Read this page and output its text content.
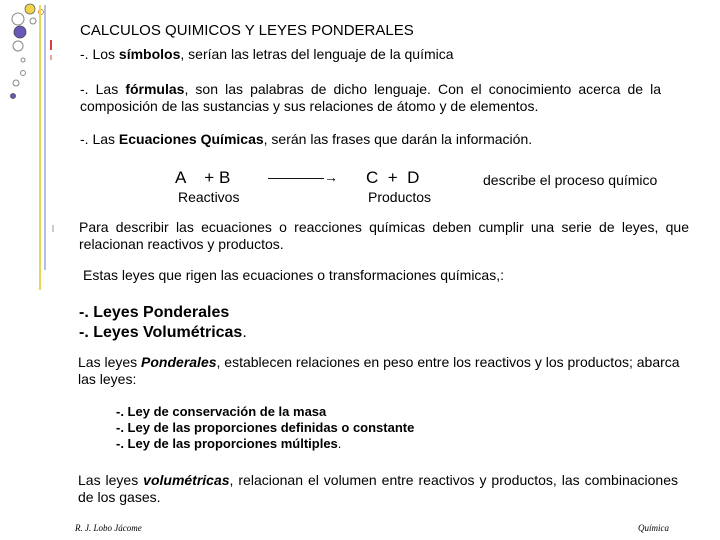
CALCULOS QUIMICOS Y LEYES PONDERALES
-. Los símbolos, serían las letras del lenguaje de la química
-. Las fórmulas, son las palabras de dicho lenguaje. Con el conocimiento acerca de la composición de las sustancias y sus relaciones de átomo y de elementos.
-. Las Ecuaciones Químicas, serán las frases que darán la información.
A    + B	————→ C  +  D	describe el proceso químico
Reactivos	Productos
Para describir las ecuaciones o reacciones químicas deben cumplir una serie de leyes, que relacionan reactivos y productos.
Estas leyes que rigen las ecuaciones o transformaciones químicas,:
-. Leyes Ponderales
-. Leyes Volumétricas.
Las leyes Ponderales, establecen relaciones en peso entre los reactivos y los productos; abarca las leyes:
-. Ley de conservación de la masa
-. Ley de las proporciones definidas o constante
-. Ley de las proporciones múltiples.
Las leyes volumétricas, relacionan el volumen entre reactivos y productos, las combinaciones de los gases.
R. J. Lobo Jácome	Química
